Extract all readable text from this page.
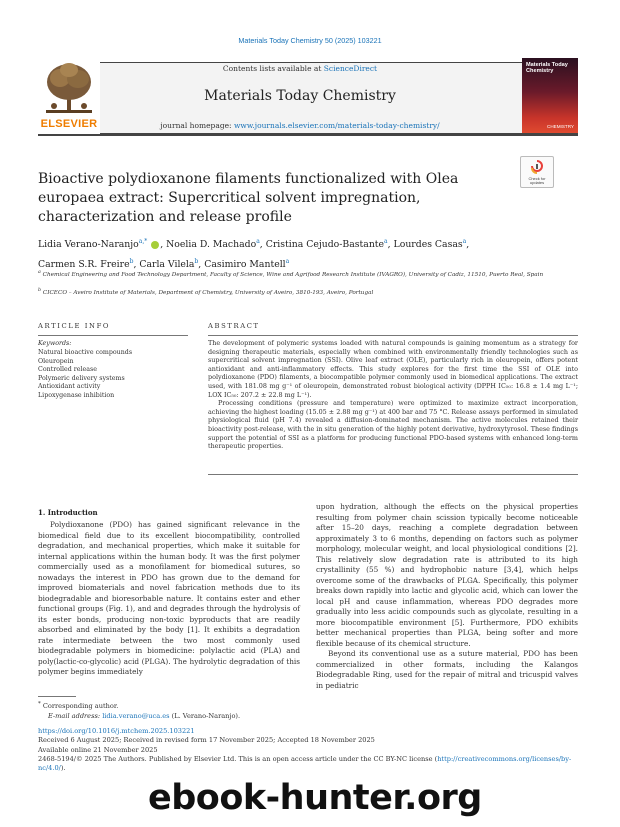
Materials Today Chemistry 50 (2025) 103221
ELSEVIER
Contents lists available at ScienceDirect
Materials Today Chemistry
journal homepage: www.journals.elsevier.com/materials-today-chemistry/
Materials Today Chemistry
CHEMISTRY
Bioactive polydioxanone filaments functionalized with Olea europaea extract: Supercritical solvent impregnation, characterization and release profile
Check for updates
Lidia Verano-Naranjo$^{a,*}$ , Noelia D. Machado$^a$, Cristina Cejudo-Bastante$^a$, Lourdes Casas$^a$,
Carmen S.R. Freire$^b$, Carla Vilela$^b$, Casimiro Mantell$^a$
$^a$ Chemical Engineering and Food Technology Department, Faculty of Science, Wine and Agrifood Research Institute (IVAGRO), University of Cadiz, 11510, Puerto Real, Spain
$^b$ CICECO – Aveiro Institute of Materials, Department of Chemistry, University of Aveiro, 3810-193, Aveiro, Portugal
ARTICLE INFO
Keywords:
Natural bioactive compounds
Oleuropein
Controlled release
Polymeric delivery systems
Antioxidant activity
Lipoxygenase inhibition
ABSTRACT

The development of polymeric systems loaded with natural compounds is gaining momentum as a strategy for designing therapeutic materials, especially when combined with environmentally friendly technologies such as supercritical solvent impregnation (SSI). Olive leaf extract (OLE), particularly rich in oleuropein, offers potent antioxidant and anti-inflammatory effects. This study explores for the first time the SSI of OLE into polydioxanone (PDO) filaments, a biocompatible polymer commonly used in biomedical applications. The extract used, with 181.08 mg g⁻¹ of oleuropein, demonstrated robust biological activity (DPPH IC₅₀: 16.8 ± 1.4 mg L⁻¹; LOX IC₅₀: 207.2 ± 22.8 mg L⁻¹).

Processing conditions (pressure and temperature) were optimized to maximize extract incorporation, achieving the highest loading (15.05 ± 2.88 mg g⁻¹) at 400 bar and 75 °C. Release assays performed in simulated physiological fluid (pH 7.4) revealed a diffusion-dominated mechanism. The active molecules retained their bioactivity post-release, with the in situ generation of the highly potent derivative, hydroxytyrosol. These findings support the potential of SSI as a platform for producing functional PDO-based systems with enhanced long-term therapeutic properties.

1. Introduction

Polydioxanone (PDO) has gained significant relevance in the biomedical field due to its excellent biocompatibility, controlled degradation, and mechanical properties, which make it suitable for internal applications within the human body. It was the first polymer commercially used as a monofilament for biomedical sutures, so nowadays the interest in PDO has grown due to the demand for improved biomaterials and novel fabrication methods due to its biodegradable and bioresorbable nature. It contains ester and ether functional groups (Fig. 1), and and degrades through the hydrolysis of its ester bonds, producing non-toxic byproducts that are readily absorbed and eliminated by the body [1]. It exhibits a degradation rate intermediate between the two most commonly used biodegradable polymers in biomedicine: polylactic acid (PLA) and poly(lactic-co-glycolic) acid (PLGA). The hydrolytic degradation of this polymer begins immediately

upon hydration, although the effects on the physical properties resulting from polymer chain scission typically become noticeable after 15–20 days, reaching a complete degradation between approximately 3 to 6 months, depending on factors such as polymer morphology, molecular weight, and local physiological conditions [2]. This relatively slow degradation rate is attributed to its high crystallinity (55 %) and hydrophobic nature [3,4], which helps overcome some of the drawbacks of PLGA. Specifically, this polymer breaks down rapidly into lactic and glycolic acid, which can lower the local pH and cause inflammation, whereas PDO degrades more gradually into less acidic compounds such as glycolate, resulting in a more biocompatible environment [5]. Furthermore, PDO exhibits better mechanical properties than PLGA, being softer and more flexible because of its chemical structure.

Beyond its conventional use as a suture material, PDO has been commercialized in other formats, including the Kalangos Biodegradable Ring, used for the repair of mitral and tricuspid valves in pediatric

* Corresponding author.
E-mail address: lidia.verano@uca.es (L. Verano-Naranjo).
https://doi.org/10.1016/j.mtchem.2025.103221
Received 6 August 2025; Received in revised form 17 November 2025; Accepted 18 November 2025
Available online 21 November 2025
2468-5194/© 2025 The Authors. Published by Elsevier Ltd. This is an open access article under the CC BY-NC license (http://creativecommons.org/licenses/by-nc/4.0/).
ebook-hunter.org
